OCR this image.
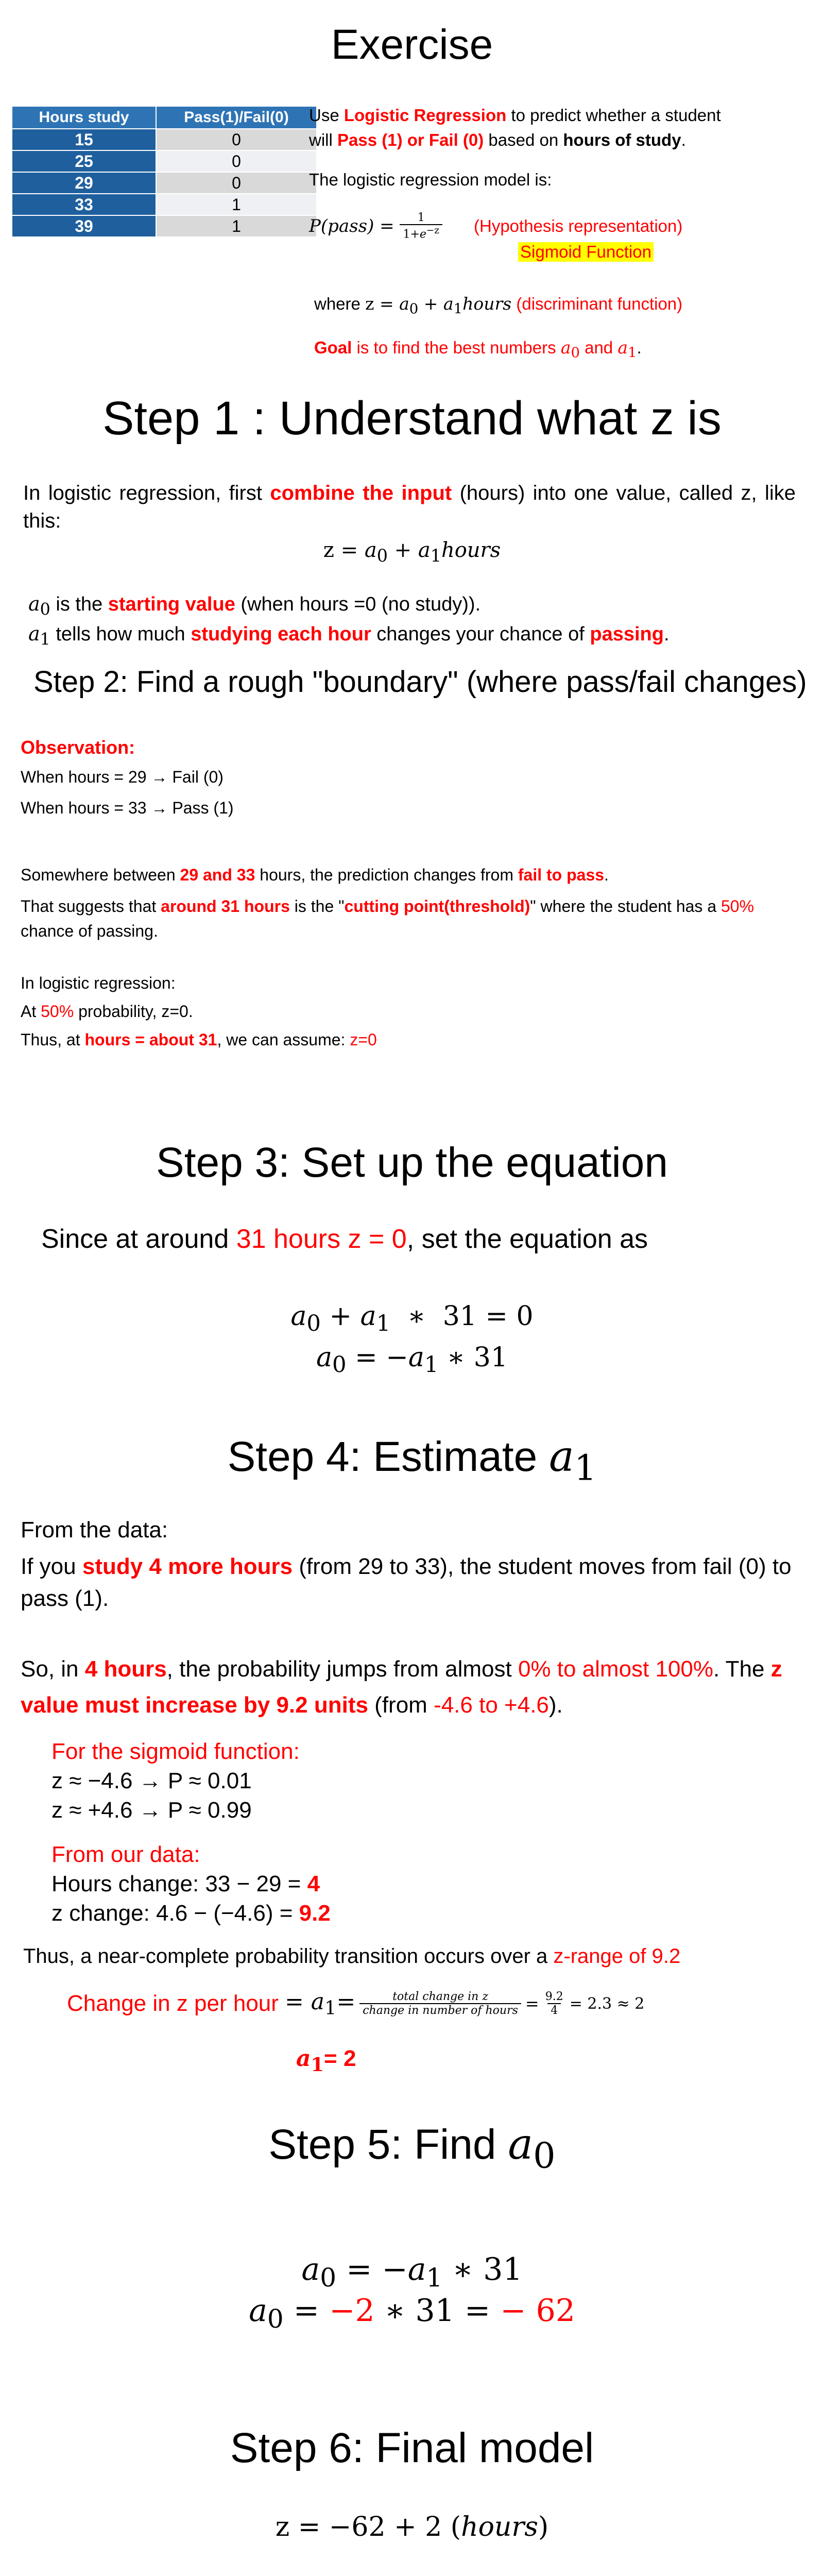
Exercise
Hours study	Pass(1)/Fail(0)
15	0
25	0
29	0
33	1
39	1
Use Logistic Regression to predict whether a student
will Pass (1) or Fail (0) based on hours of study.
The logistic regression model is:
P(pass) = $\frac{1}{1+e^{-z}}$ (Hypothesis representation)
Sigmoid Function
where $z = a_0$ + $a_1hours$ (discriminant function)
Goal is to find the best numbers $a_0$ and $a_1$.
Step 1 : Understand what z is
In logistic regression, first combine the input (hours) into one value, called z, like this:
$z = a_0$ + $a_1hours$
$a_0$ is the starting value (when hours =0 (no study)).
$a_1$ tells how much studying each hour changes your chance of passing.
Step 2: Find a rough "boundary" (where pass/fail changes)
Observation:
When hours = 29 → Fail (0)
When hours = 33 → Pass (1)
Somewhere between 29 and 33 hours, the prediction changes from fail to pass.
That suggests that around 31 hours is the "cutting point(threshold)" where the student has a 50% chance of passing.
In logistic regression:
At 50% probability, z=0.
Thus, at hours = about 31, we can assume: z=0
Step 3: Set up the equation
Since at around 31 hours z = 0, set the equation as
$a_0 + a_1$  ∗  31 = 0
$a_0 = -a_1$ ∗ 31
Step 4: Estimate $a_1$
From the data:
If you study 4 more hours (from 29 to 33), the student moves from fail (0) to pass (1).
So, in 4 hours, the probability jumps from almost 0% to almost 100%. The z value must increase by 9.2 units (from -4.6 to +4.6).
For the sigmoid function:
z ≈ −4.6 → P ≈ 0.01
z ≈ +4.6 → P ≈ 0.99
From our data:
Hours change: 33 − 29 = 4
z change: 4.6 − (−4.6) = 9.2
Thus, a near-complete probability transition occurs over a z-range of 9.2
Change in z per hour = $a_1= \frac{\text{total change in z}}{\text{change in number of hours}} = \frac{9.2}{4} = 2.3 \approx 2$
$a_1= 2$
Step 5: Find $a_0$
$a_0 = -a_1$ ∗ 31
$a_0 = -2$ ∗ 31 = − 62
Step 6: Final model
z = −62 + 2 (hours)
